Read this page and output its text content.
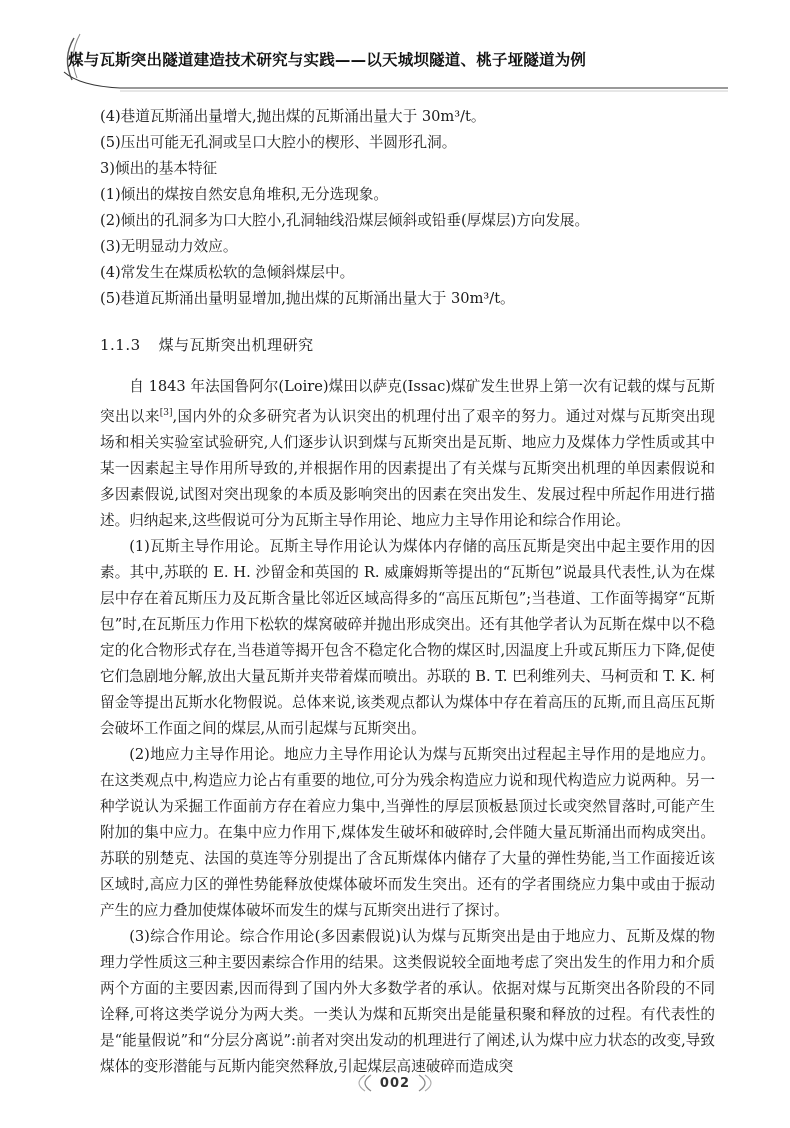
煤与瓦斯突出隧道建造技术研究与实践——以天城坝隧道、桃子垭隧道为例

(4)巷道瓦斯涌出量增大,抛出煤的瓦斯涌出量大于 30m³/t。

(5)压出可能无孔洞或呈口大腔小的楔形、半圆形孔洞。

3)倾出的基本特征

(1)倾出的煤按自然安息角堆积,无分选现象。

(2)倾出的孔洞多为口大腔小,孔洞轴线沿煤层倾斜或铅垂(厚煤层)方向发展。

(3)无明显动力效应。

(4)常发生在煤质松软的急倾斜煤层中。

(5)巷道瓦斯涌出量明显增加,抛出煤的瓦斯涌出量大于 30m³/t。

1.1.3 煤与瓦斯突出机理研究

自 1843 年法国鲁阿尔(Loire)煤田以萨克(Issac)煤矿发生世界上第一次有记载的煤与瓦斯突出以来[3],国内外的众多研究者为认识突出的机理付出了艰辛的努力。通过对煤与瓦斯突出现场和相关实验室试验研究,人们逐步认识到煤与瓦斯突出是瓦斯、地应力及煤体力学性质或其中某一因素起主导作用所导致的,并根据作用的因素提出了有关煤与瓦斯突出机理的单因素假说和多因素假说,试图对突出现象的本质及影响突出的因素在突出发生、发展过程中所起作用进行描述。归纳起来,这些假说可分为瓦斯主导作用论、地应力主导作用论和综合作用论。

(1)瓦斯主导作用论。瓦斯主导作用论认为煤体内存储的高压瓦斯是突出中起主要作用的因素。其中,苏联的 E. H. 沙留金和英国的 R. 威廉姆斯等提出的“瓦斯包”说最具代表性,认为在煤层中存在着瓦斯压力及瓦斯含量比邻近区域高得多的“高压瓦斯包”;当巷道、工作面等揭穿“瓦斯包”时,在瓦斯压力作用下松软的煤窝破碎并抛出形成突出。还有其他学者认为瓦斯在煤中以不稳定的化合物形式存在,当巷道等揭开包含不稳定化合物的煤区时,因温度上升或瓦斯压力下降,促使它们急剧地分解,放出大量瓦斯并夹带着煤而喷出。苏联的 B. T. 巴利维列夫、马柯贡和 T. K. 柯留金等提出瓦斯水化物假说。总体来说,该类观点都认为煤体中存在着高压的瓦斯,而且高压瓦斯会破坏工作面之间的煤层,从而引起煤与瓦斯突出。

(2)地应力主导作用论。地应力主导作用论认为煤与瓦斯突出过程起主导作用的是地应力。在这类观点中,构造应力论占有重要的地位,可分为残余构造应力说和现代构造应力说两种。另一种学说认为采掘工作面前方存在着应力集中,当弹性的厚层顶板悬顶过长或突然冒落时,可能产生附加的集中应力。在集中应力作用下,煤体发生破坏和破碎时,会伴随大量瓦斯涌出而构成突出。苏联的别楚克、法国的莫连等分别提出了含瓦斯煤体内储存了大量的弹性势能,当工作面接近该区域时,高应力区的弹性势能释放使煤体破坏而发生突出。还有的学者围绕应力集中或由于振动产生的应力叠加使煤体破坏而发生的煤与瓦斯突出进行了探讨。

(3)综合作用论。综合作用论(多因素假说)认为煤与瓦斯突出是由于地应力、瓦斯及煤的物理力学性质这三种主要因素综合作用的结果。这类假说较全面地考虑了突出发生的作用力和介质两个方面的主要因素,因而得到了国内外大多数学者的承认。依据对煤与瓦斯突出各阶段的不同诠释,可将这类学说分为两大类。一类认为煤和瓦斯突出是能量积聚和释放的过程。有代表性的是“能量假说”和“分层分离说”:前者对突出发动的机理进行了阐述,认为煤中应力状态的改变,导致煤体的变形潜能与瓦斯内能突然释放,引起煤层高速破碎而造成突

002
